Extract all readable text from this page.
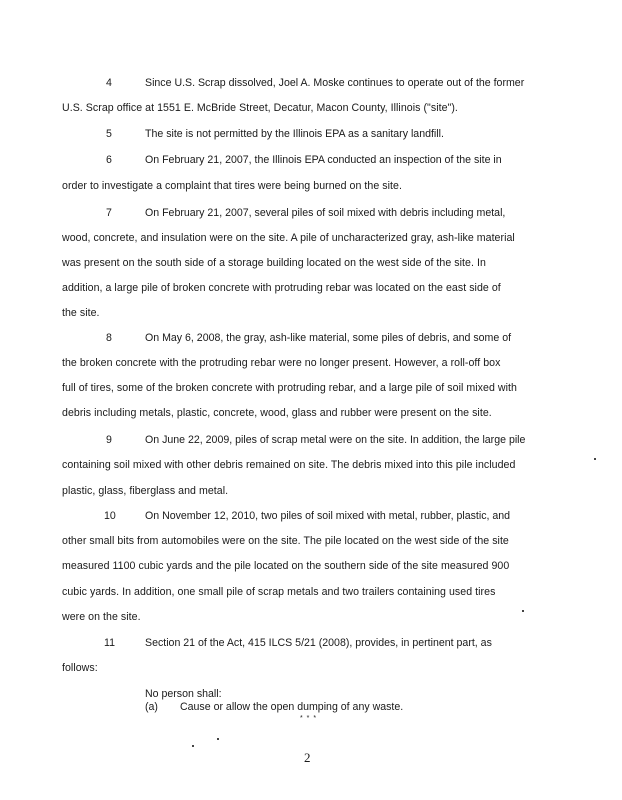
4	Since U.S. Scrap dissolved, Joel A. Moske continues to operate out of the former
U.S. Scrap office at 1551 E. McBride Street, Decatur, Macon County, Illinois ("site").
5	The site is not permitted by the Illinois EPA as a sanitary landfill.
6	On February 21, 2007, the Illinois EPA conducted an inspection of the site in
order to investigate a complaint that tires were being burned on the site.
7	On February 21, 2007, several piles of soil mixed with debris including metal,
wood, concrete, and insulation were on the site. A pile of uncharacterized gray, ash-like material
was present on the south side of a storage building located on the west side of the site. In
addition, a large pile of broken concrete with protruding rebar was located on the east side of
the site.
8	On May 6, 2008, the gray, ash-like material, some piles of debris, and some of
the broken concrete with the protruding rebar were no longer present. However, a roll-off box
full of tires, some of the broken concrete with protruding rebar, and a large pile of soil mixed with
debris including metals, plastic, concrete, wood, glass and rubber were present on the site.
9	On June 22, 2009, piles of scrap metal were on the site. In addition, the large pile
containing soil mixed with other debris remained on site. The debris mixed into this pile included
plastic, glass, fiberglass and metal.
10	On November 12, 2010, two piles of soil mixed with metal, rubber, plastic, and
other small bits from automobiles were on the site. The pile located on the west side of the site
measured 1100 cubic yards and the pile located on the southern side of the site measured 900
cubic yards. In addition, one small pile of scrap metals and two trailers containing used tires
were on the site.
11	Section 21 of the Act, 415 ILCS 5/21 (2008), provides, in pertinent part, as
follows:
No person shall:
(a) Cause or allow the open dumping of any waste.
* * *
2
